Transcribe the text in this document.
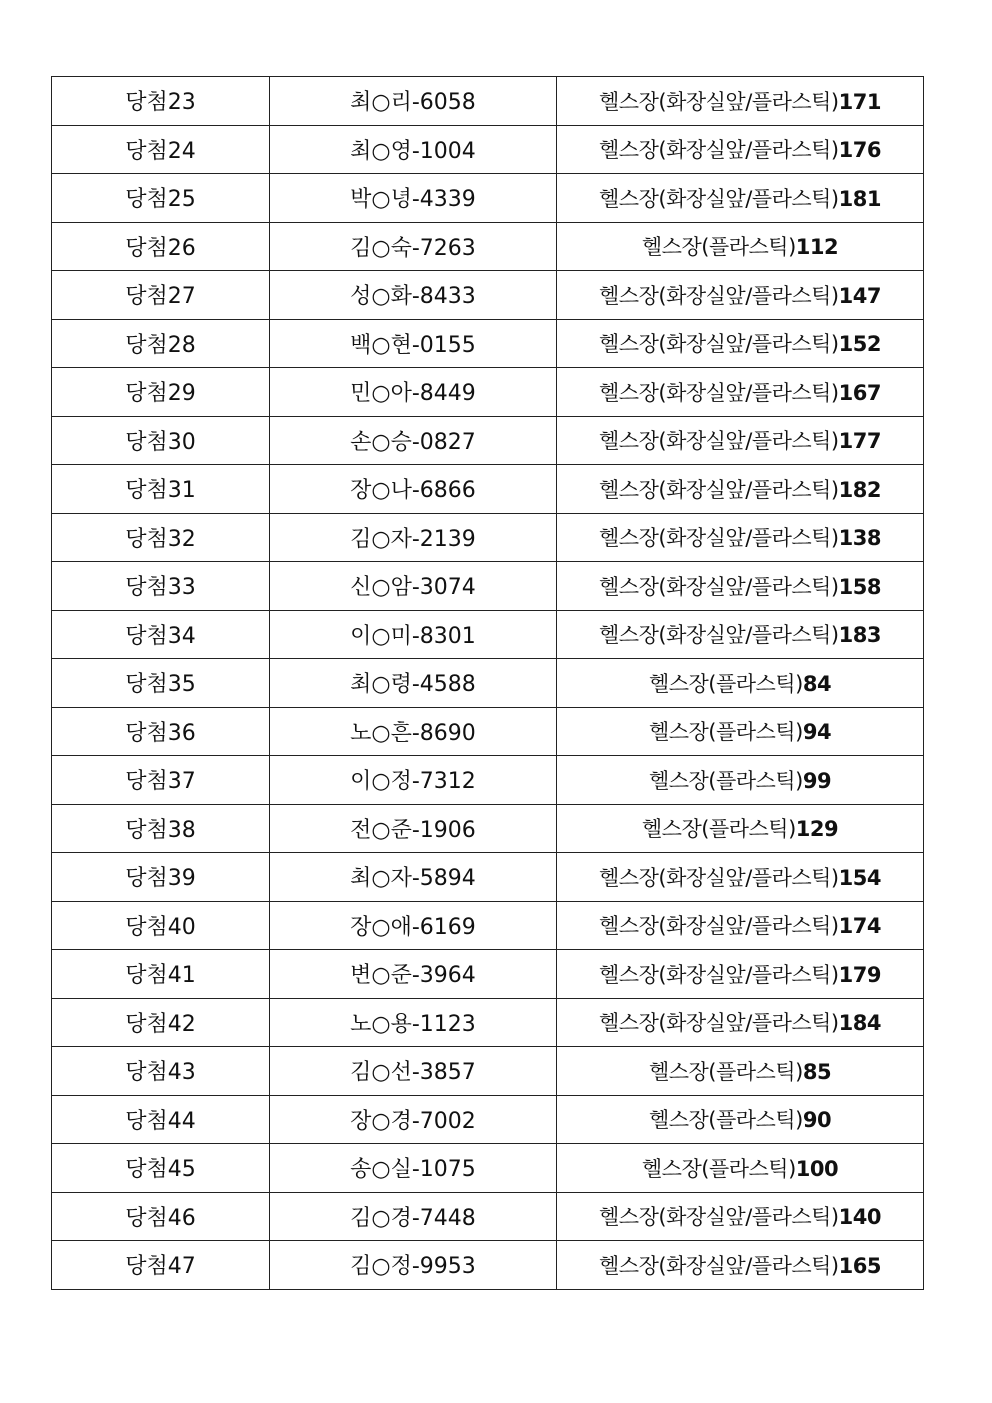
당첨23	최○리-6058	헬스장(화장실앞/플라스틱)171
당첨24	최○영-1004	헬스장(화장실앞/플라스틱)176
당첨25	박○녕-4339	헬스장(화장실앞/플라스틱)181
당첨26	김○숙-7263	헬스장(플라스틱)112
당첨27	성○화-8433	헬스장(화장실앞/플라스틱)147
당첨28	백○현-0155	헬스장(화장실앞/플라스틱)152
당첨29	민○아-8449	헬스장(화장실앞/플라스틱)167
당첨30	손○승-0827	헬스장(화장실앞/플라스틱)177
당첨31	장○나-6866	헬스장(화장실앞/플라스틱)182
당첨32	김○자-2139	헬스장(화장실앞/플라스틱)138
당첨33	신○암-3074	헬스장(화장실앞/플라스틱)158
당첨34	이○미-8301	헬스장(화장실앞/플라스틱)183
당첨35	최○령-4588	헬스장(플라스틱)84
당첨36	노○흔-8690	헬스장(플라스틱)94
당첨37	이○정-7312	헬스장(플라스틱)99
당첨38	전○준-1906	헬스장(플라스틱)129
당첨39	최○자-5894	헬스장(화장실앞/플라스틱)154
당첨40	장○애-6169	헬스장(화장실앞/플라스틱)174
당첨41	변○준-3964	헬스장(화장실앞/플라스틱)179
당첨42	노○용-1123	헬스장(화장실앞/플라스틱)184
당첨43	김○선-3857	헬스장(플라스틱)85
당첨44	장○경-7002	헬스장(플라스틱)90
당첨45	송○실-1075	헬스장(플라스틱)100
당첨46	김○경-7448	헬스장(화장실앞/플라스틱)140
당첨47	김○정-9953	헬스장(화장실앞/플라스틱)165
